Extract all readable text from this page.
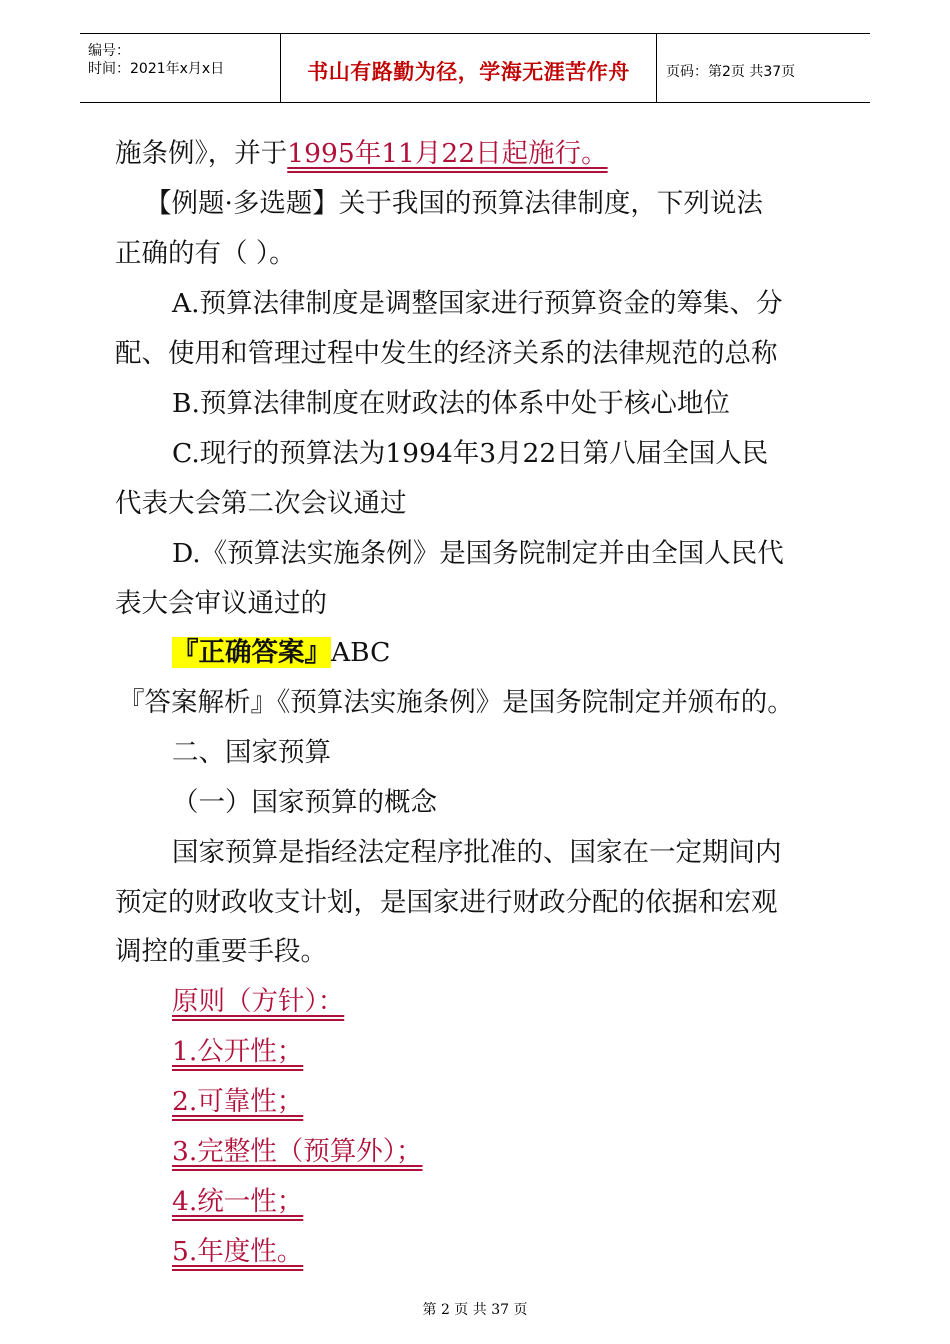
编号：
时间：2021年x月x日	书山有路勤为径，学海无涯苦作舟	页码：第2页 共37页
施条例》，并于1995年11月22日起施行。
【例题·多选题】关于我国的预算法律制度，下列说法
正确的有（ ）。
A.预算法律制度是调整国家进行预算资金的筹集、分
配、使用和管理过程中发生的经济关系的法律规范的总称
B.预算法律制度在财政法的体系中处于核心地位
C.现行的预算法为1994年3月22日第八届全国人民
代表大会第二次会议通过
D.《预算法实施条例》是国务院制定并由全国人民代
表大会审议通过的
『正确答案』ABC
『答案解析』《预算法实施条例》是国务院制定并颁布的。
二、国家预算
（一）国家预算的概念
国家预算是指经法定程序批准的、国家在一定期间内
预定的财政收支计划，是国家进行财政分配的依据和宏观
调控的重要手段。
原则（方针）：
1.公开性；
2.可靠性；
3.完整性（预算外）；
4.统一性；
5.年度性。
第 2 页 共 37 页
